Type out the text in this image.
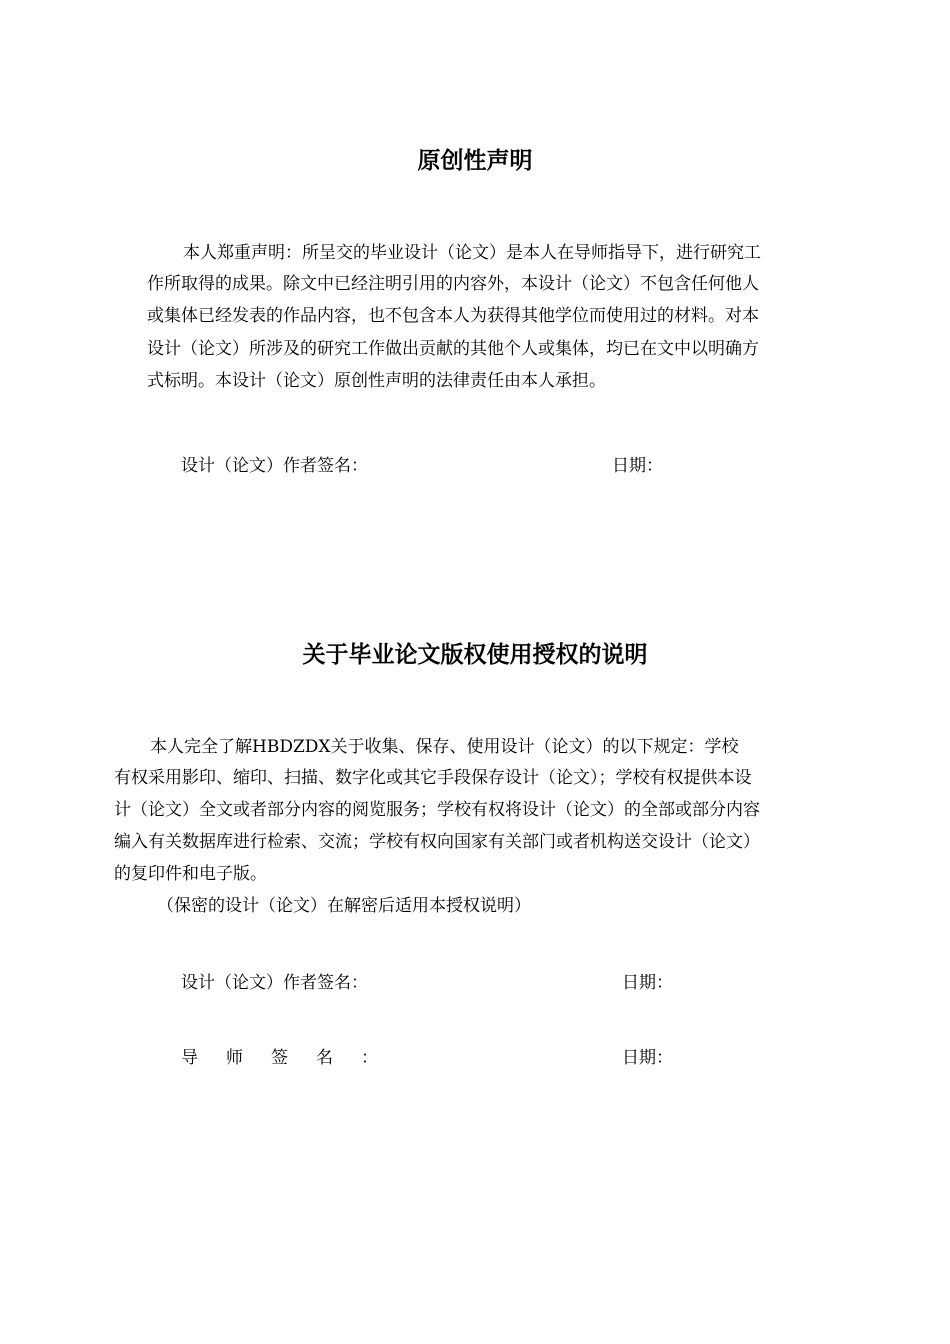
原创性声明
本人郑重声明：所呈交的毕业设计（论文）是本人在导师指导下，进行研究工
作所取得的成果。除文中已经注明引用的内容外，本设计（论文）不包含任何他人
或集体已经发表的作品内容，也不包含本人为获得其他学位而使用过的材料。对本
设计（论文）所涉及的研究工作做出贡献的其他个人或集体，均已在文中以明确方
式标明。本设计（论文）原创性声明的法律责任由本人承担。
设计（论文）作者签名：	日期：
关于毕业论文版权使用授权的说明
本人完全了解HBDZDX关于收集、保存、使用设计（论文）的以下规定：学校
有权采用影印、缩印、扫描、数字化或其它手段保存设计（论文）；学校有权提供本设
计（论文）全文或者部分内容的阅览服务；学校有权将设计（论文）的全部或部分内容
编入有关数据库进行检索、交流；学校有权向国家有关部门或者机构送交设计（论文）
的复印件和电子版。
（保密的设计（论文）在解密后适用本授权说明）
设计（论文）作者签名：	日期：
导师签名：	日期：
